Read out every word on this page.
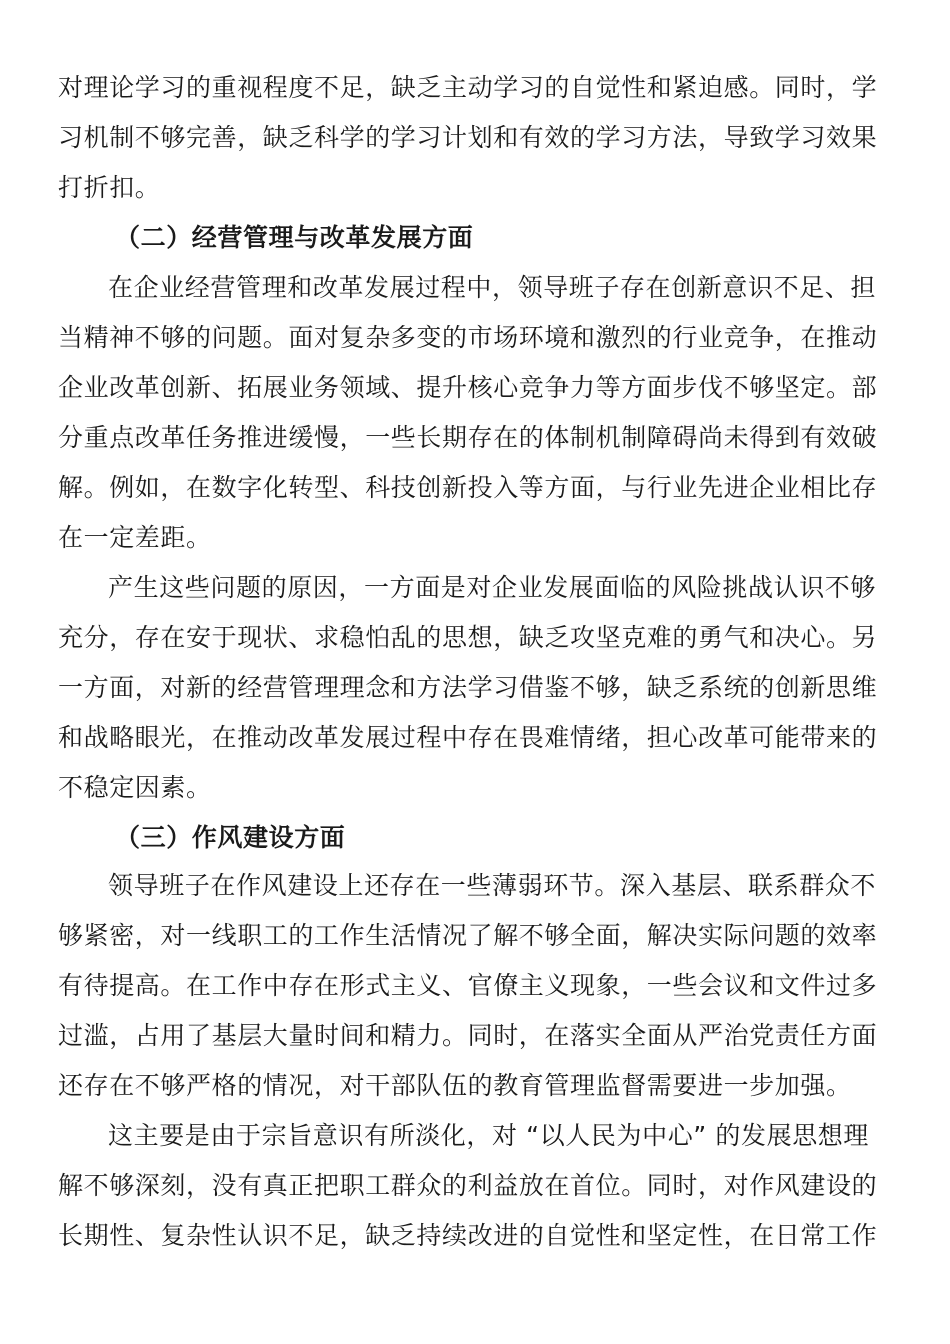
对理论学习的重视程度不足，缺乏主动学习的自觉性和紧迫感。同时，学
习机制不够完善，缺乏科学的学习计划和有效的学习方法，导致学习效果
打折扣。
（二）经营管理与改革发展方面
在企业经营管理和改革发展过程中，领导班子存在创新意识不足、担
当精神不够的问题。面对复杂多变的市场环境和激烈的行业竞争，在推动
企业改革创新、拓展业务领域、提升核心竞争力等方面步伐不够坚定。部
分重点改革任务推进缓慢，一些长期存在的体制机制障碍尚未得到有效破
解。例如，在数字化转型、科技创新投入等方面，与行业先进企业相比存
在一定差距。
产生这些问题的原因，一方面是对企业发展面临的风险挑战认识不够
充分，存在安于现状、求稳怕乱的思想，缺乏攻坚克难的勇气和决心。另
一方面，对新的经营管理理念和方法学习借鉴不够，缺乏系统的创新思维
和战略眼光，在推动改革发展过程中存在畏难情绪，担心改革可能带来的
不稳定因素。
（三）作风建设方面
领导班子在作风建设上还存在一些薄弱环节。深入基层、联系群众不
够紧密，对一线职工的工作生活情况了解不够全面，解决实际问题的效率
有待提高。在工作中存在形式主义、官僚主义现象，一些会议和文件过多
过滥，占用了基层大量时间和精力。同时，在落实全面从严治党责任方面
还存在不够严格的情况，对干部队伍的教育管理监督需要进一步加强。
这主要是由于宗旨意识有所淡化，对 “以人民为中心” 的发展思想理
解不够深刻，没有真正把职工群众的利益放在首位。同时，对作风建设的
长期性、复杂性认识不足，缺乏持续改进的自觉性和坚定性，在日常工作
